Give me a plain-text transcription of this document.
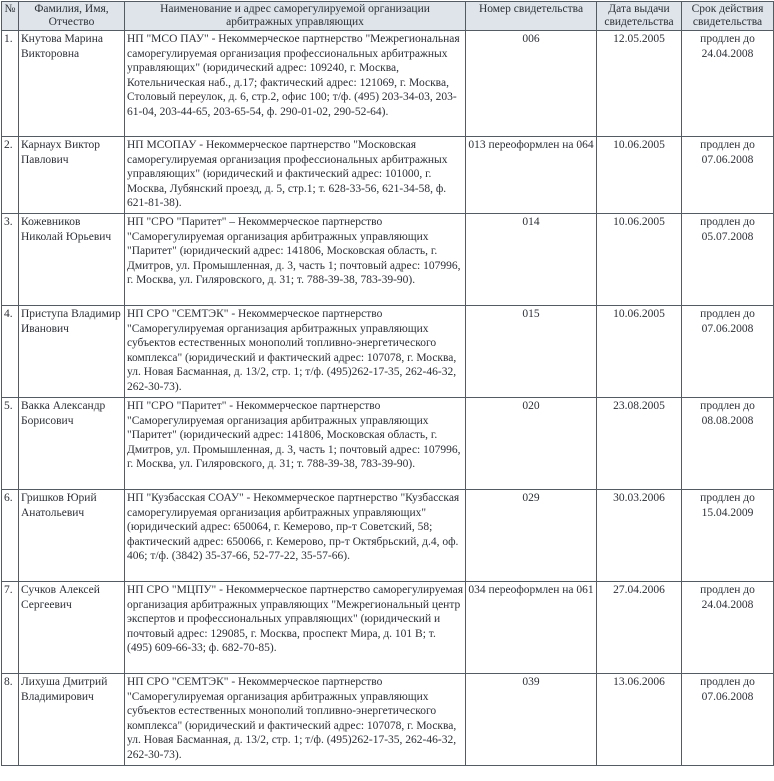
№	Фамилия, Имя, Отчество	Наименование и адрес саморегулируемой организации арбитражных управляющих	Номер свидетельства	Дата выдачи свидетельства	Срок действия свидетельства
1.	Кнутова Марина Викторовна	НП "МСО ПАУ" - Некоммерческое партнерство "Межрегиональная саморегулируемая организация профессиональных арбитражных управляющих" (юридический адрес: 109240, г. Москва, Котельническая наб., д.17; фактический адрес: 121069, г. Москва, Столовый переулок, д. 6, стр.2, офис 100; т/ф. (495) 203-34-03, 203-61-04, 203-44-65, 203-65-54, ф. 290-01-02, 290-52-64).	006	12.05.2005	продлен до 24.04.2008
2.	Карнаух Виктор Павлович	НП МСОПАУ - Некоммерческое партнерство "Московская саморегулируемая организация профессиональных арбитражных управляющих" (юридический и фактический адрес: 101000, г. Москва, Лубянский проезд, д. 5, стр.1; т. 628-33-56, 621-34-58, ф. 621-81-38).	013 переоформлен на 064	10.06.2005	продлен до 07.06.2008
3.	Кожевников Николай Юрьевич	НП "СРО "Паритет" – Некоммерческое партнерство "Саморегулируемая организация арбитражных управляющих "Паритет" (юридический адрес: 141806, Московская область, г. Дмитров, ул. Промышленная, д. 3, часть 1; почтовый адрес: 107996, г. Москва, ул. Гиляровского, д. 31; т. 788-39-38, 783-39-90).	014	10.06.2005	продлен до 05.07.2008
4.	Приступа Владимир Иванович	НП СРО "СЕМТЭК" - Некоммерческое партнерство "Саморегулируемая организация арбитражных управляющих субъектов естественных монополий топливно-энергетического комплекса" (юридический и фактический адрес: 107078, г. Москва, ул. Новая Басманная, д. 13/2, стр. 1; т/ф. (495)262-17-35, 262-46-32, 262-30-73).	015	10.06.2005	продлен до 07.06.2008
5.	Вакка Александр Борисович	НП "СРО "Паритет" - Некоммерческое партнерство "Саморегулируемая организация арбитражных управляющих "Паритет" (юридический адрес: 141806, Московская область, г. Дмитров, ул. Промышленная, д. 3, часть 1; почтовый адрес: 107996, г. Москва, ул. Гиляровского, д. 31; т. 788-39-38, 783-39-90).	020	23.08.2005	продлен до 08.08.2008
6.	Гришков Юрий Анатольевич	НП "Кузбасская СОАУ" - Некоммерческое партнерство "Кузбасская саморегулируемая организация арбитражных управляющих" (юридический адрес: 650064, г. Кемерово, пр-т Советский, 58; фактический адрес: 650066, г. Кемерово, пр-т Октябрьский, д.4, оф. 406; т/ф. (3842) 35-37-66, 52-77-22, 35-57-66).	029	30.03.2006	продлен до 15.04.2009
7.	Сучков Алексей Сергеевич	НП СРО "МЦПУ" - Некоммерческое партнерство саморегулируемая организация арбитражных управляющих "Межрегиональный центр экспертов и профессиональных управляющих" (юридический и почтовый адрес: 129085, г. Москва, проспект Мира, д. 101 В; т. (495) 609-66-33; ф. 682-70-85).	034 переоформлен на 061	27.04.2006	продлен до 24.04.2008
8.	Лихуша Дмитрий Владимирович	НП СРО "СЕМТЭК" - Некоммерческое партнерство "Саморегулируемая организация арбитражных управляющих субъектов естественных монополий топливно-энергетического комплекса" (юридический и фактический адрес: 107078, г. Москва, ул. Новая Басманная, д. 13/2, стр. 1; т/ф. (495)262-17-35, 262-46-32, 262-30-73).	039	13.06.2006	продлен до 07.06.2008
